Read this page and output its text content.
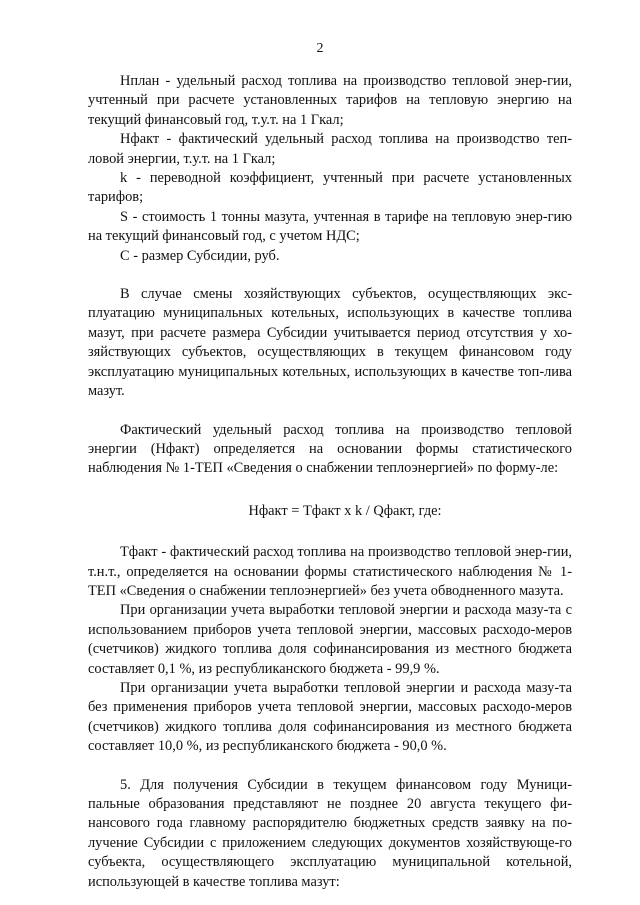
2

Нплан - удельный расход топлива на производство тепловой энер-гии, учтенный при расчете установленных тарифов на тепловую энергию на текущий финансовый год, т.у.т. на 1 Гкал;

Нфакт - фактический удельный расход топлива на производство теп-ловой энергии, т.у.т. на 1 Гкал;

k - переводной коэффициент, учтенный при расчете установленных тарифов;

S - стоимость 1 тонны мазута, учтенная в тарифе на тепловую энер-гию на текущий финансовый год, с учетом НДС;

С - размер Субсидии, руб.

В случае смены хозяйствующих субъектов, осуществляющих экс-плуатацию муниципальных котельных, использующих в качестве топлива мазут, при расчете размера Субсидии учитывается период отсутствия у хо-зяйствующих субъектов, осуществляющих в текущем финансовом году эксплуатацию муниципальных котельных, использующих в качестве топ-лива мазут.

Фактический удельный расход топлива на производство тепловой энергии (Нфакт) определяется на основании формы статистического наблюдения № 1-ТЕП «Сведения о снабжении теплоэнергией» по форму-ле:

Нфакт = Тфакт x k / Qфакт, где:

Тфакт - фактический расход топлива на производство тепловой энер-гии, т.н.т., определяется на основании формы статистического наблюдения № 1-ТЕП «Сведения о снабжении теплоэнергией» без учета обводненного мазута.

При организации учета выработки тепловой энергии и расхода мазу-та с использованием приборов учета тепловой энергии, массовых расходо-меров (счетчиков) жидкого топлива доля софинансирования из местного бюджета составляет 0,1 %, из республиканского бюджета - 99,9 %.

При организации учета выработки тепловой энергии и расхода мазу-та без применения приборов учета тепловой энергии, массовых расходо-меров (счетчиков) жидкого топлива доля софинансирования из местного бюджета составляет 10,0 %, из республиканского бюджета - 90,0 %.

5. Для получения Субсидии в текущем финансовом году Муници-пальные образования представляют не позднее 20 августа текущего фи-нансового года главному распорядителю бюджетных средств заявку на по-лучение Субсидии с приложением следующих документов хозяйствующе-го субъекта, осуществляющего эксплуатацию муниципальной котельной, использующей в качестве топлива мазут:
